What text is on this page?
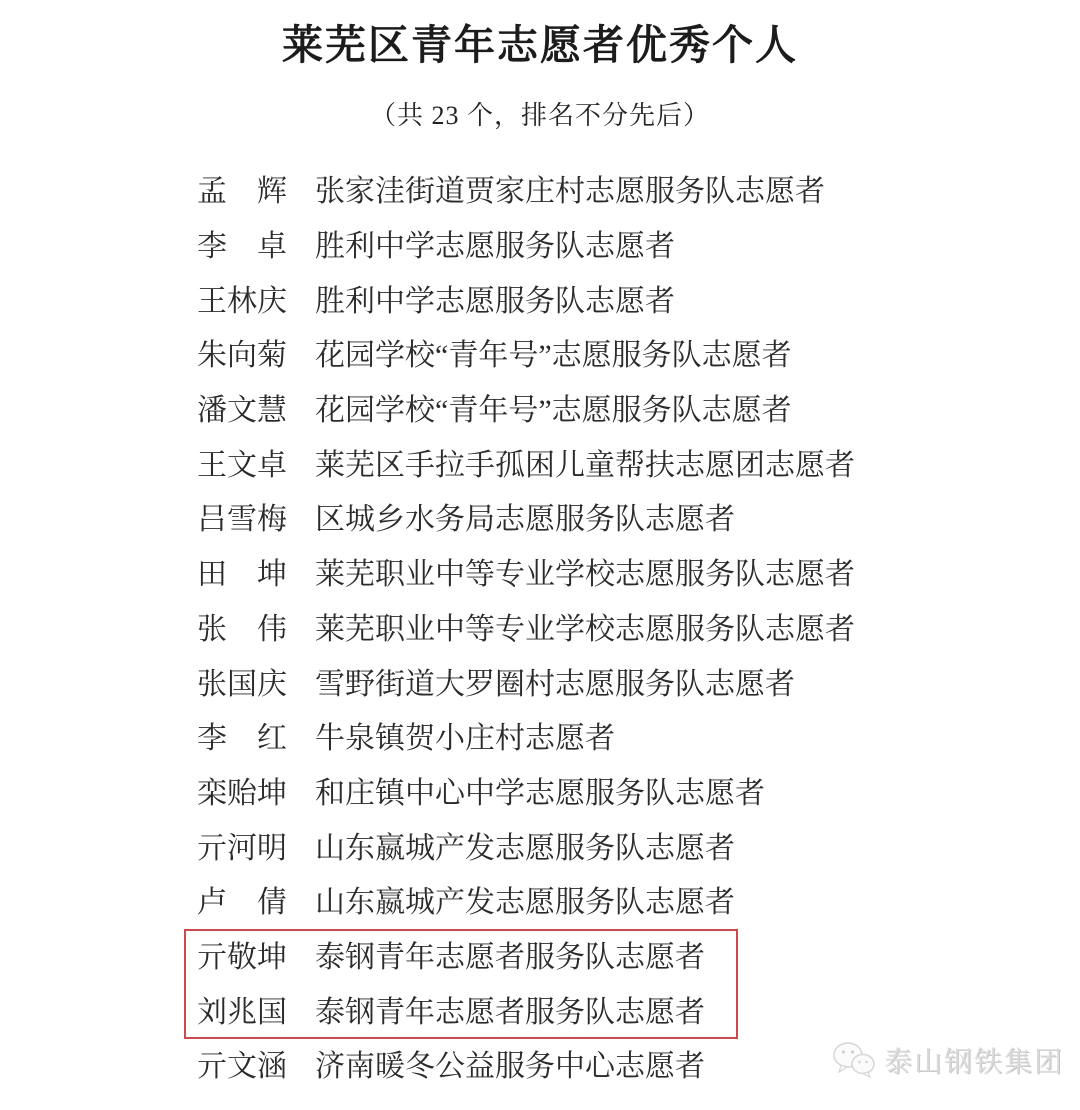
莱芜区青年志愿者优秀个人
（共 23 个，排名不分先后）
孟　辉 张家洼街道贾家庄村志愿服务队志愿者
李　卓 胜利中学志愿服务队志愿者
王林庆 胜利中学志愿服务队志愿者
朱向菊 花园学校“青年号”志愿服务队志愿者
潘文慧 花园学校“青年号”志愿服务队志愿者
王文卓 莱芜区手拉手孤困儿童帮扶志愿团志愿者
吕雪梅 区城乡水务局志愿服务队志愿者
田　坤 莱芜职业中等专业学校志愿服务队志愿者
张　伟 莱芜职业中等专业学校志愿服务队志愿者
张国庆 雪野街道大罗圈村志愿服务队志愿者
李　红 牛泉镇贺小庄村志愿者
栾贻坤 和庄镇中心中学志愿服务队志愿者
亓河明 山东嬴城产发志愿服务队志愿者
卢　倩 山东嬴城产发志愿服务队志愿者
亓敬坤 泰钢青年志愿者服务队志愿者
刘兆国 泰钢青年志愿者服务队志愿者
亓文涵 济南暖冬公益服务中心志愿者	泰山钢铁集团
